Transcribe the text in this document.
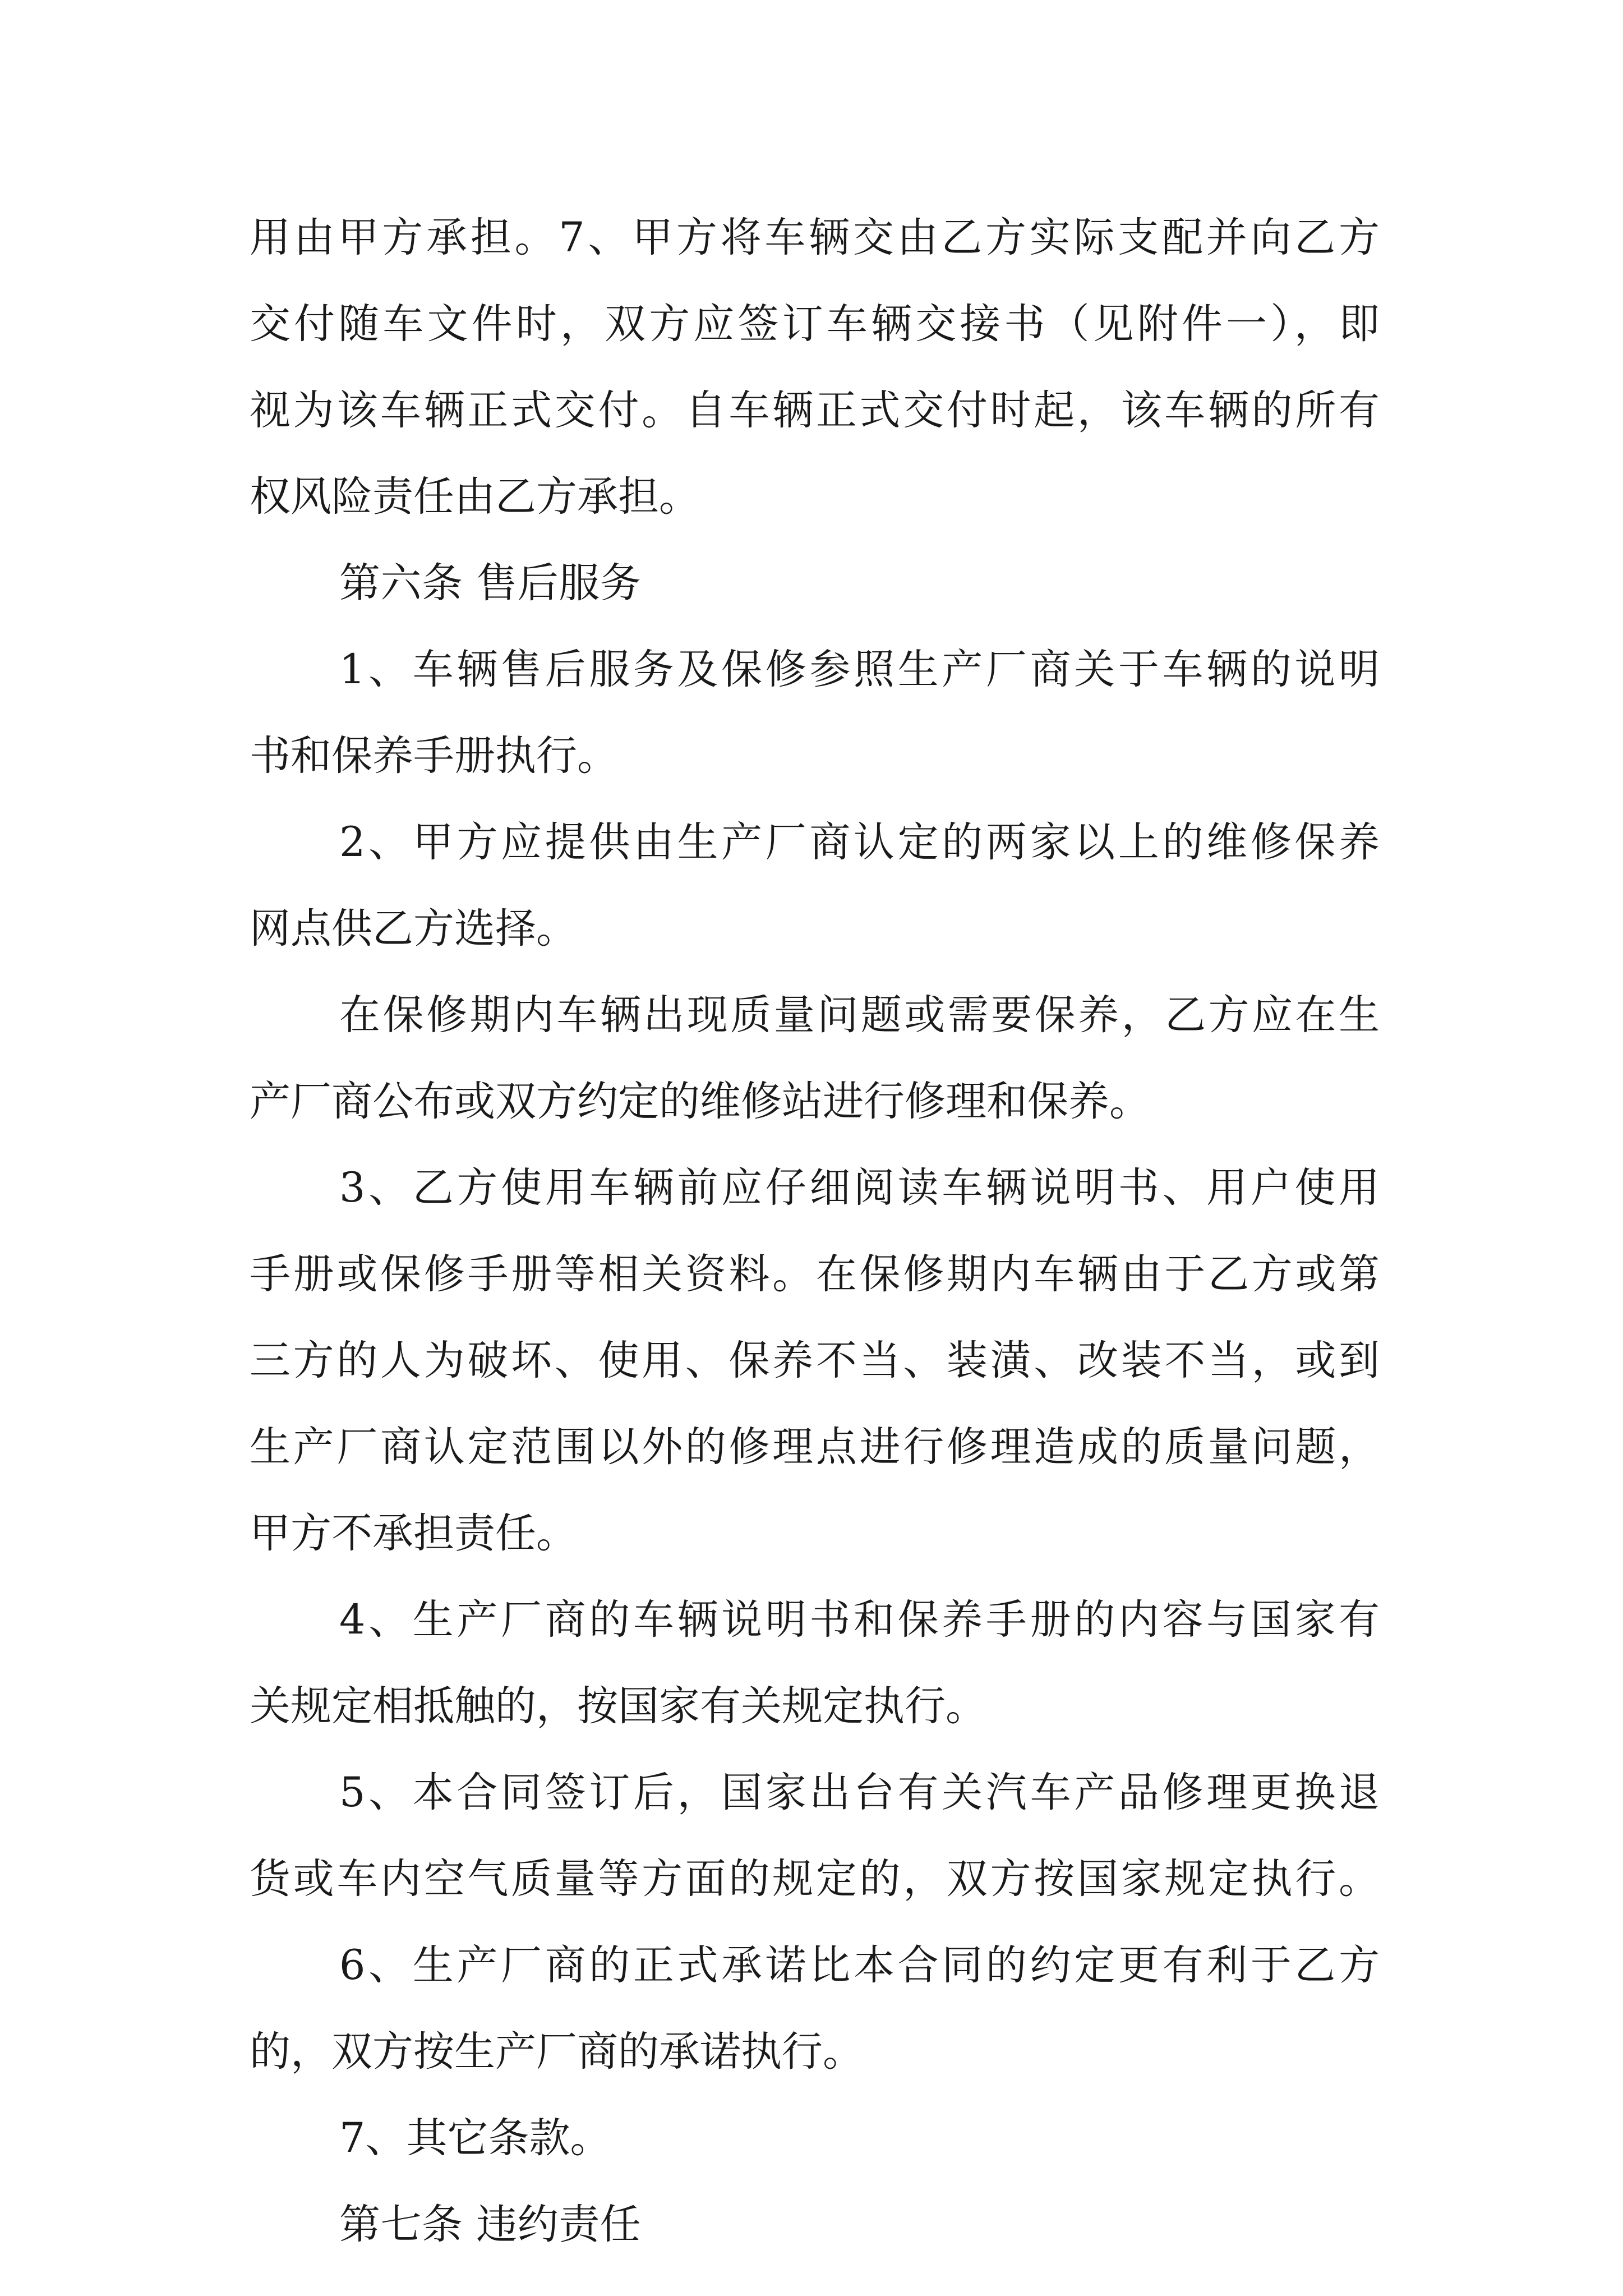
用由甲方承担。7、甲方将车辆交由乙方实际支配并向乙方
交付随车文件时，双方应签订车辆交接书（见附件一），即
视为该车辆正式交付。自车辆正式交付时起，该车辆的所有
权风险责任由乙方承担。
第六条 售后服务
1、车辆售后服务及保修参照生产厂商关于车辆的说明
书和保养手册执行。
2、甲方应提供由生产厂商认定的两家以上的维修保养
网点供乙方选择。
在保修期内车辆出现质量问题或需要保养，乙方应在生
产厂商公布或双方约定的维修站进行修理和保养。
3、乙方使用车辆前应仔细阅读车辆说明书、用户使用
手册或保修手册等相关资料。在保修期内车辆由于乙方或第
三方的人为破坏、使用、保养不当、装潢、改装不当，或到
生产厂商认定范围以外的修理点进行修理造成的质量问题，
甲方不承担责任。
4、生产厂商的车辆说明书和保养手册的内容与国家有
关规定相抵触的，按国家有关规定执行。
5、本合同签订后，国家出台有关汽车产品修理更换退
货或车内空气质量等方面的规定的，双方按国家规定执行。
6、生产厂商的正式承诺比本合同的约定更有利于乙方
的，双方按生产厂商的承诺执行。
7、其它条款。
第七条 违约责任
